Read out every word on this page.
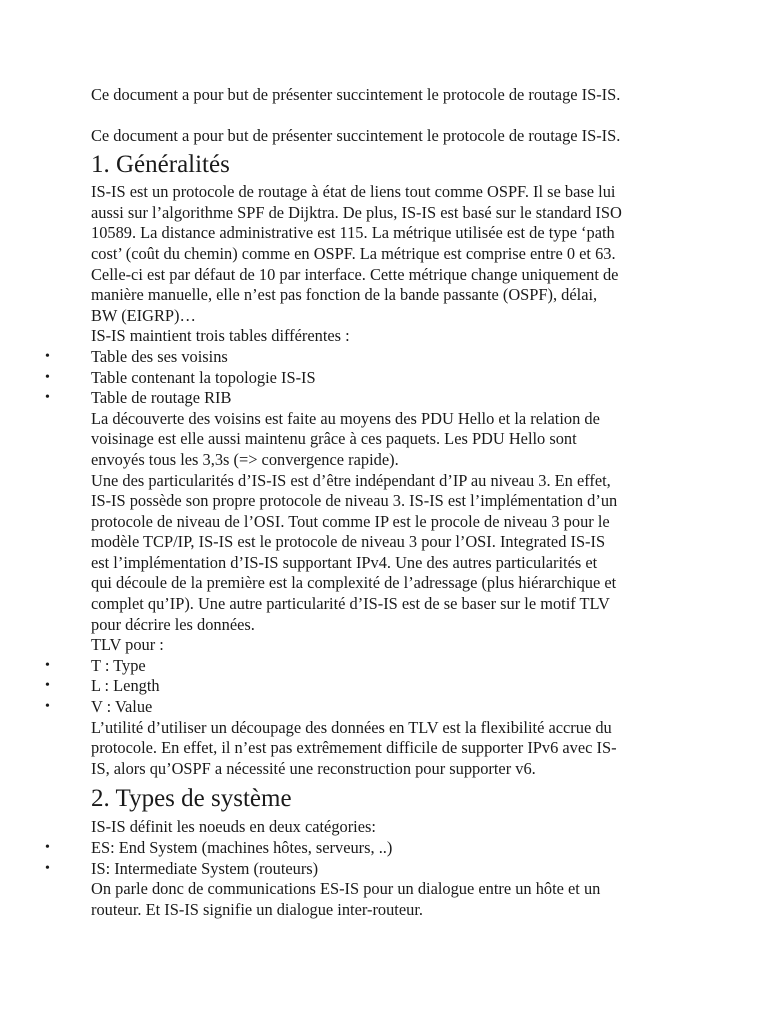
Ce document a pour but de présenter succintement le protocole de routage IS-IS.

Ce document a pour but de présenter succintement le protocole de routage IS-IS.

1. Généralités

IS-IS est un protocole de routage à état de liens tout comme OSPF. Il se base lui
aussi sur l’algorithme SPF de Dijktra. De plus, IS-IS est basé sur le standard ISO
10589. La distance administrative est 115. La métrique utilisée est de type ‘path
cost’ (coût du chemin) comme en OSPF. La métrique est comprise entre 0 et 63.
Celle-ci est par défaut de 10 par interface. Cette métrique change uniquement de
manière manuelle, elle n’est pas fonction de la bande passante (OSPF), délai,
BW (EIGRP)…

IS-IS maintient trois tables différentes :

•	Table des ses voisins
•	Table contenant la topologie IS-IS
•	Table de routage RIB

La découverte des voisins est faite au moyens des PDU Hello et la relation de
voisinage est elle aussi maintenu grâce à ces paquets. Les PDU Hello sont
envoyés tous les 3,3s (=> convergence rapide).

Une des particularités d’IS-IS est d’être indépendant d’IP au niveau 3. En effet,
IS-IS possède son propre protocole de niveau 3. IS-IS est l’implémentation d’un
protocole de niveau de l’OSI. Tout comme IP est le procole de niveau 3 pour le
modèle TCP/IP, IS-IS est le protocole de niveau 3 pour l’OSI. Integrated IS-IS
est l’implémentation d’IS-IS supportant IPv4. Une des autres particularités et
qui découle de la première est la complexité de l’adressage (plus hiérarchique et
complet qu’IP). Une autre particularité d’IS-IS est de se baser sur le motif TLV
pour décrire les données.

TLV pour :

•	T : Type
•	L : Length
•	V : Value

L’utilité d’utiliser un découpage des données en TLV est la flexibilité accrue du
protocole. En effet, il n’est pas extrêmement difficile de supporter IPv6 avec IS-
IS, alors qu’OSPF a nécessité une reconstruction pour supporter v6.

2. Types de système

IS-IS définit les noeuds en deux catégories:

•	ES: End System (machines hôtes, serveurs, ..)
•	IS: Intermediate System (routeurs)

On parle donc de communications ES-IS pour un dialogue entre un hôte et un
routeur. Et IS-IS signifie un dialogue inter-routeur.
